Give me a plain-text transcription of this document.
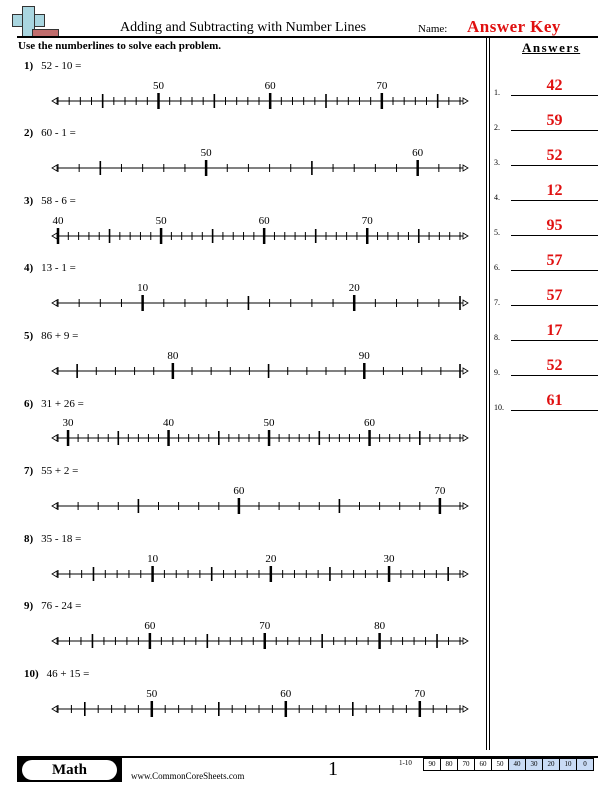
Adding and Subtracting with Number Lines	Name: Answer Key
Use the numberlines to solve each problem.	Answers
1) 52 - 10 =
2) 60 - 1 =
3) 58 - 6 =
4) 13 - 1 =
5) 86 + 9 =
6) 31 + 26 =
7) 55 + 2 =
8) 35 - 18 =
9) 76 - 24 =
10) 46 + 15 =
50	60	70
50	60
40	50	60	70
10	20
80	90
30	40	50	60
60	70
10	20	30
60	70	80
50	60	70
1.	42
2.	59
3.	52
4.	12
5.	95
6.	57
7.	57
8.	17
9.	52
10.	61
Math	www.CommonCoreSheets.com	1	1-10	90	80	70	60	50	40	30	20	10	0
